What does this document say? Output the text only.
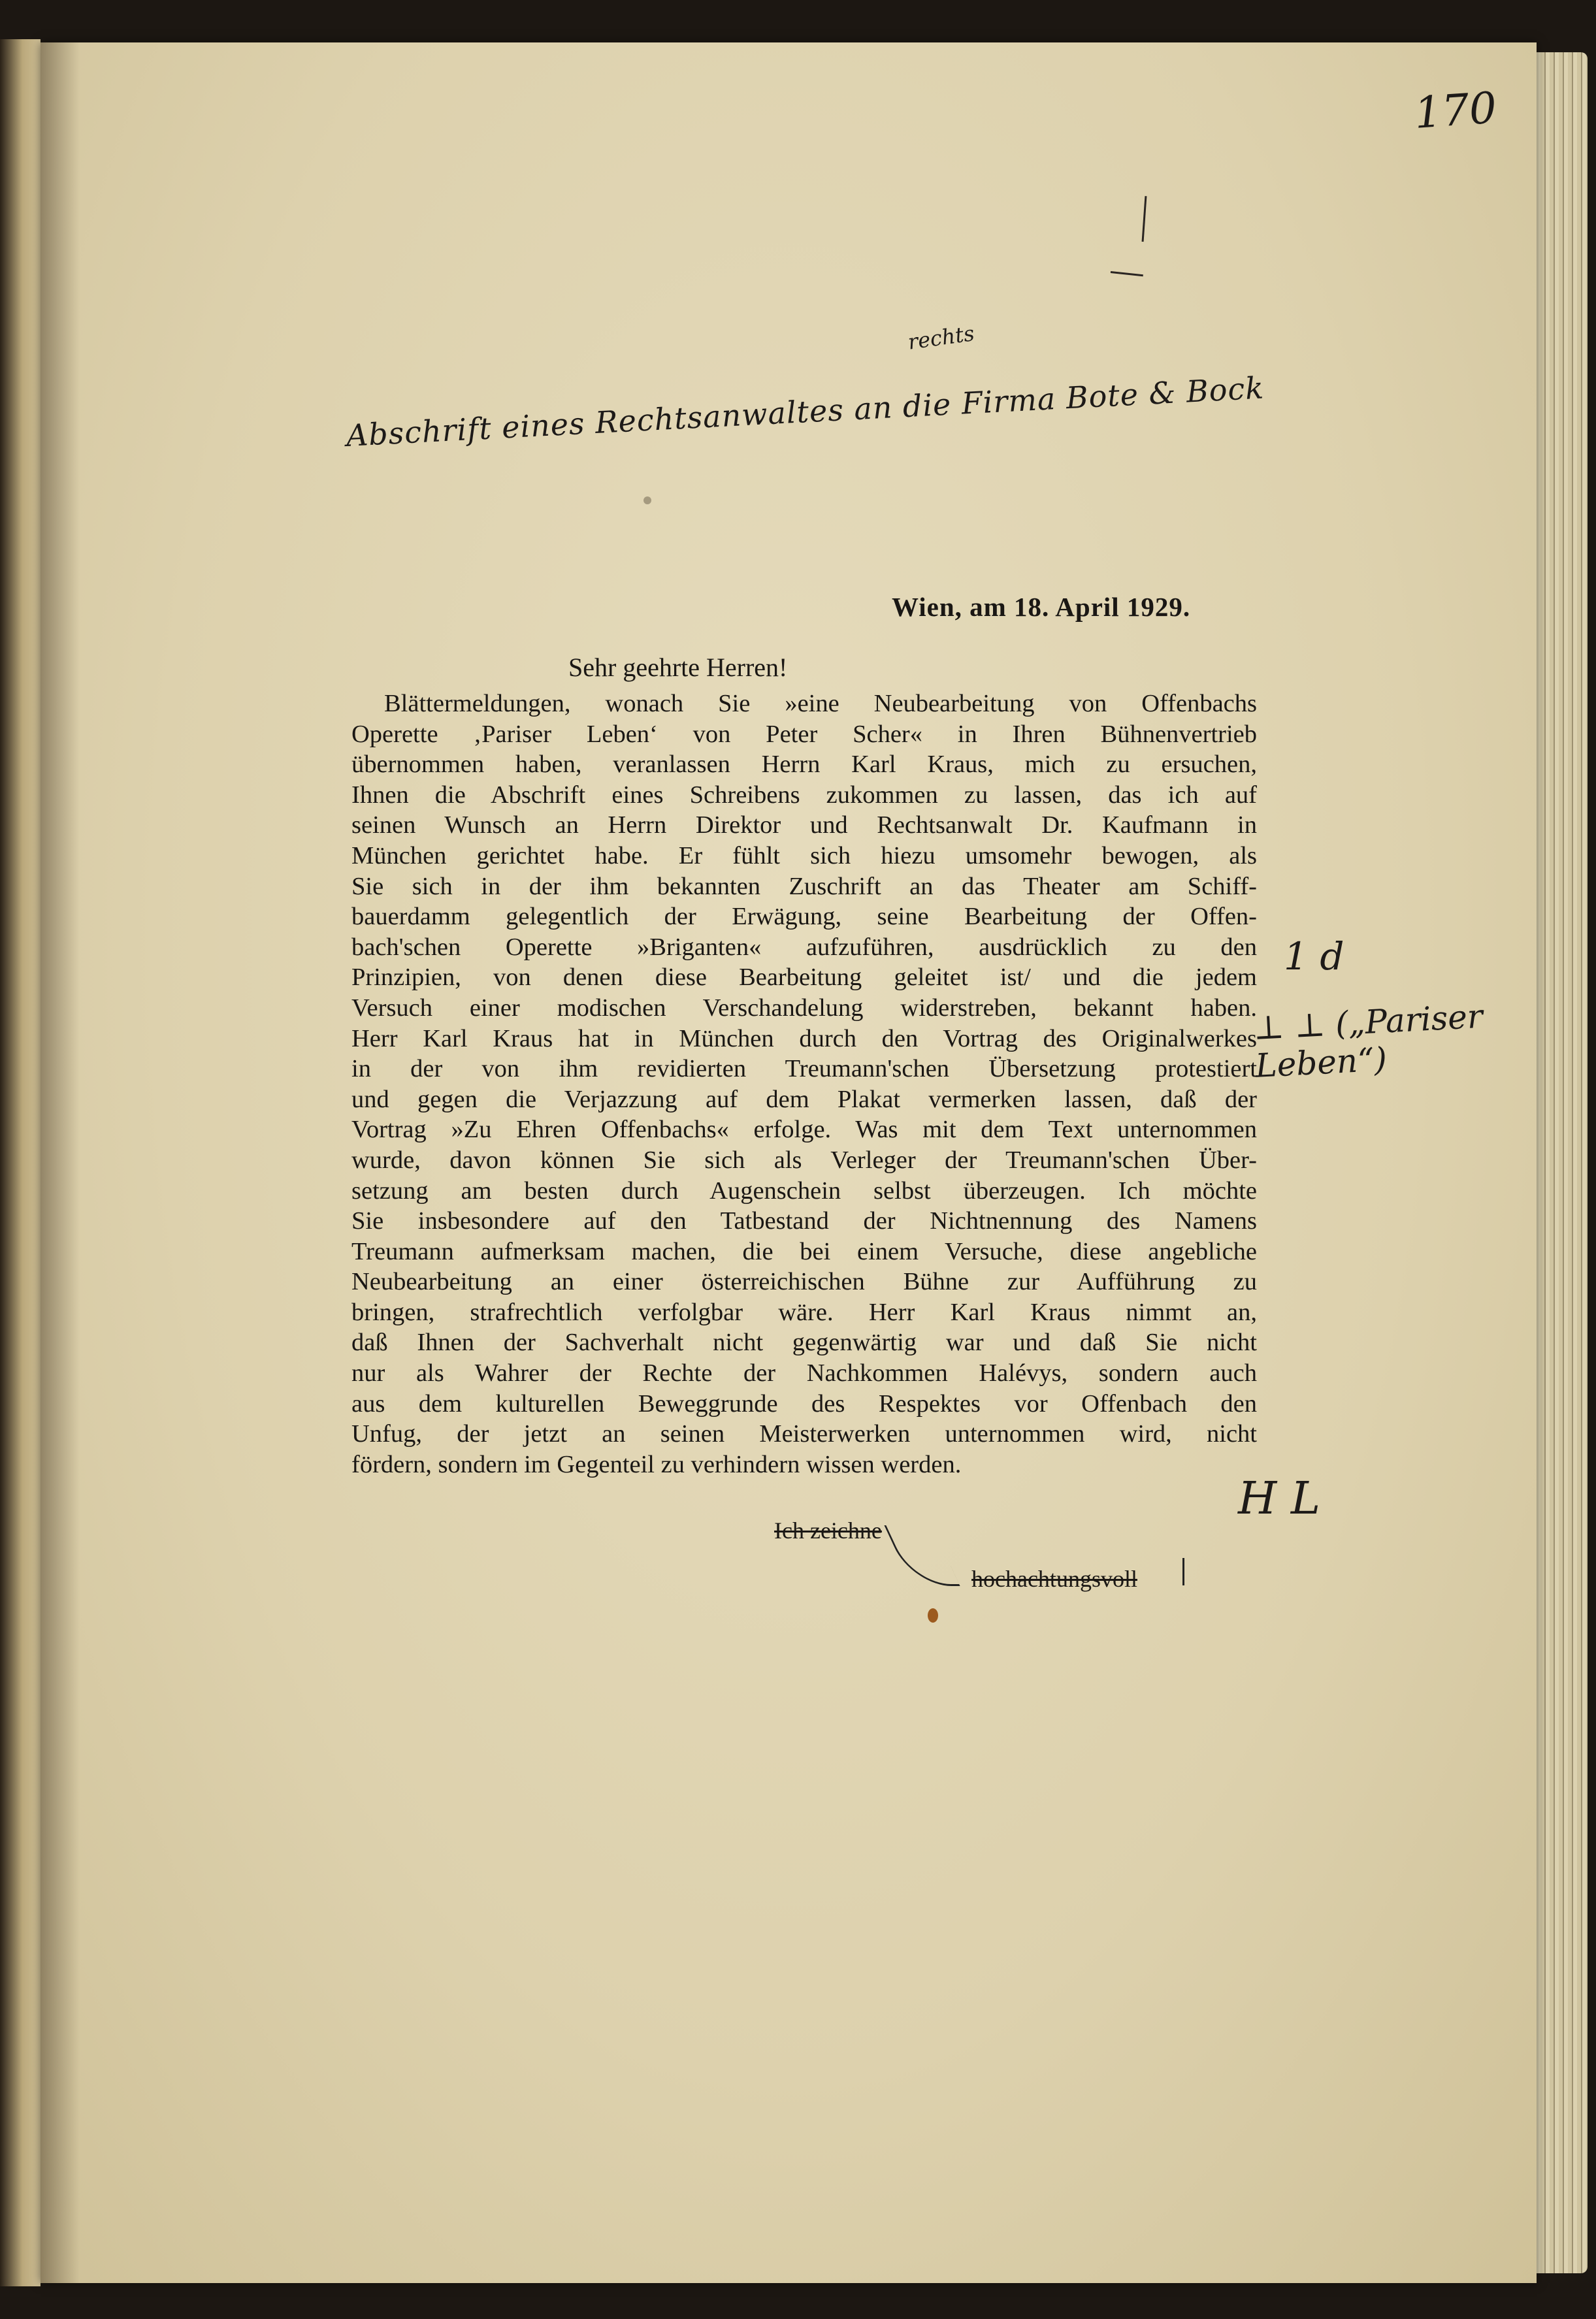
170
rechts
Abschrift eines Rechtsanwaltes an die Firma Bote & Bock
Wien, am 18. April 1929.
Sehr geehrte Herren!
Blättermeldungen, wonach Sie »eine Neubearbeitung von Offenbachs
Operette ‚Pariser Leben‘ von Peter Scher« in Ihren Bühnenvertrieb
übernommen haben, veranlassen Herrn Karl Kraus, mich zu ersuchen,
Ihnen die Abschrift eines Schreibens zukommen zu lassen, das ich auf
seinen Wunsch an Herrn Direktor und Rechtsanwalt Dr. Kaufmann in
München gerichtet habe. Er fühlt sich hiezu umsomehr bewogen, als
Sie sich in der ihm bekannten Zuschrift an das Theater am Schiff-
bauerdamm gelegentlich der Erwägung, seine Bearbeitung der Offen-
bach'schen Operette »Briganten« aufzuführen, ausdrücklich zu den
Prinzipien, von denen diese Bearbeitung geleitet ist/ und die jedem
Versuch einer modischen Verschandelung widerstreben, bekannt haben.
Herr Karl Kraus hat in München durch den Vortrag des Originalwerkes
in der von ihm revidierten Treumann'schen Übersetzung protestiert
und gegen die Verjazzung auf dem Plakat vermerken lassen, daß der
Vortrag »Zu Ehren Offenbachs« erfolge. Was mit dem Text unternommen
wurde, davon können Sie sich als Verleger der Treumann'schen Über-
setzung am besten durch Augenschein selbst überzeugen. Ich möchte
Sie insbesondere auf den Tatbestand der Nichtnennung des Namens
Treumann aufmerksam machen, die bei einem Versuche, diese angebliche
Neubearbeitung an einer österreichischen Bühne zur Aufführung zu
bringen, strafrechtlich verfolgbar wäre. Herr Karl Kraus nimmt an,
daß Ihnen der Sachverhalt nicht gegenwärtig war und daß Sie nicht
nur als Wahrer der Rechte der Nachkommen Halévys, sondern auch
aus dem kulturellen Beweggrunde des Respektes vor Offenbach den
Unfug, der jetzt an seinen Meisterwerken unternommen wird, nicht
fördern, sondern im Gegenteil zu verhindern wissen werden.
1 d
⊥ ⊥ („Pariser Leben“)
H L
Ich zeichne
hochachtungsvoll
